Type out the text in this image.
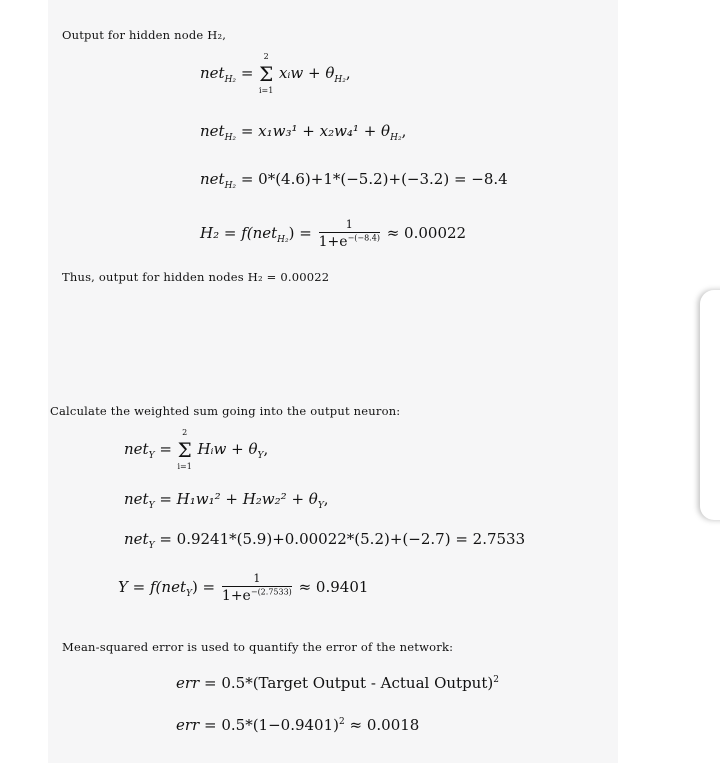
Output for hidden node H₂,
net$_{H_2}$ = Σ
2
i=1
xᵢw + $\theta_{H_2}$,
$net_{H_2} = x_1w_3^1 + x_2w_4^1 + \theta_{H_2}$,
net$_{H_2}$ = 0*(4.6)+1*(−5.2)+(−3.2) = −8.4
$H_2 = f(net_{H_2}) = \frac{1}{1+e^{-(-8.4)}} \approx 0.00022$
Thus, output for hidden nodes H₂ = 0.00022
Calculate the weighted sum going into the output neuron:
net$_Y$ = Σ
2
i=1
Hᵢw + $\theta_Y$,
$net_Y = H_1w_1^2 + H_2w_2^2 + \theta_Y$,
net$_Y$ = 0.9241*(5.9)+0.00022*(5.2)+(−2.7) = 2.7533
$Y = f(net_Y) = \frac{1}{1+e^{-(2.7533)}} \approx 0.9401$
Mean-squared error is used to quantify the error of the network:
err = 0.5*(Target Output - Actual Output)$^2$
err = $0.5*(1-0.9401)^2 \approx 0.0018$
